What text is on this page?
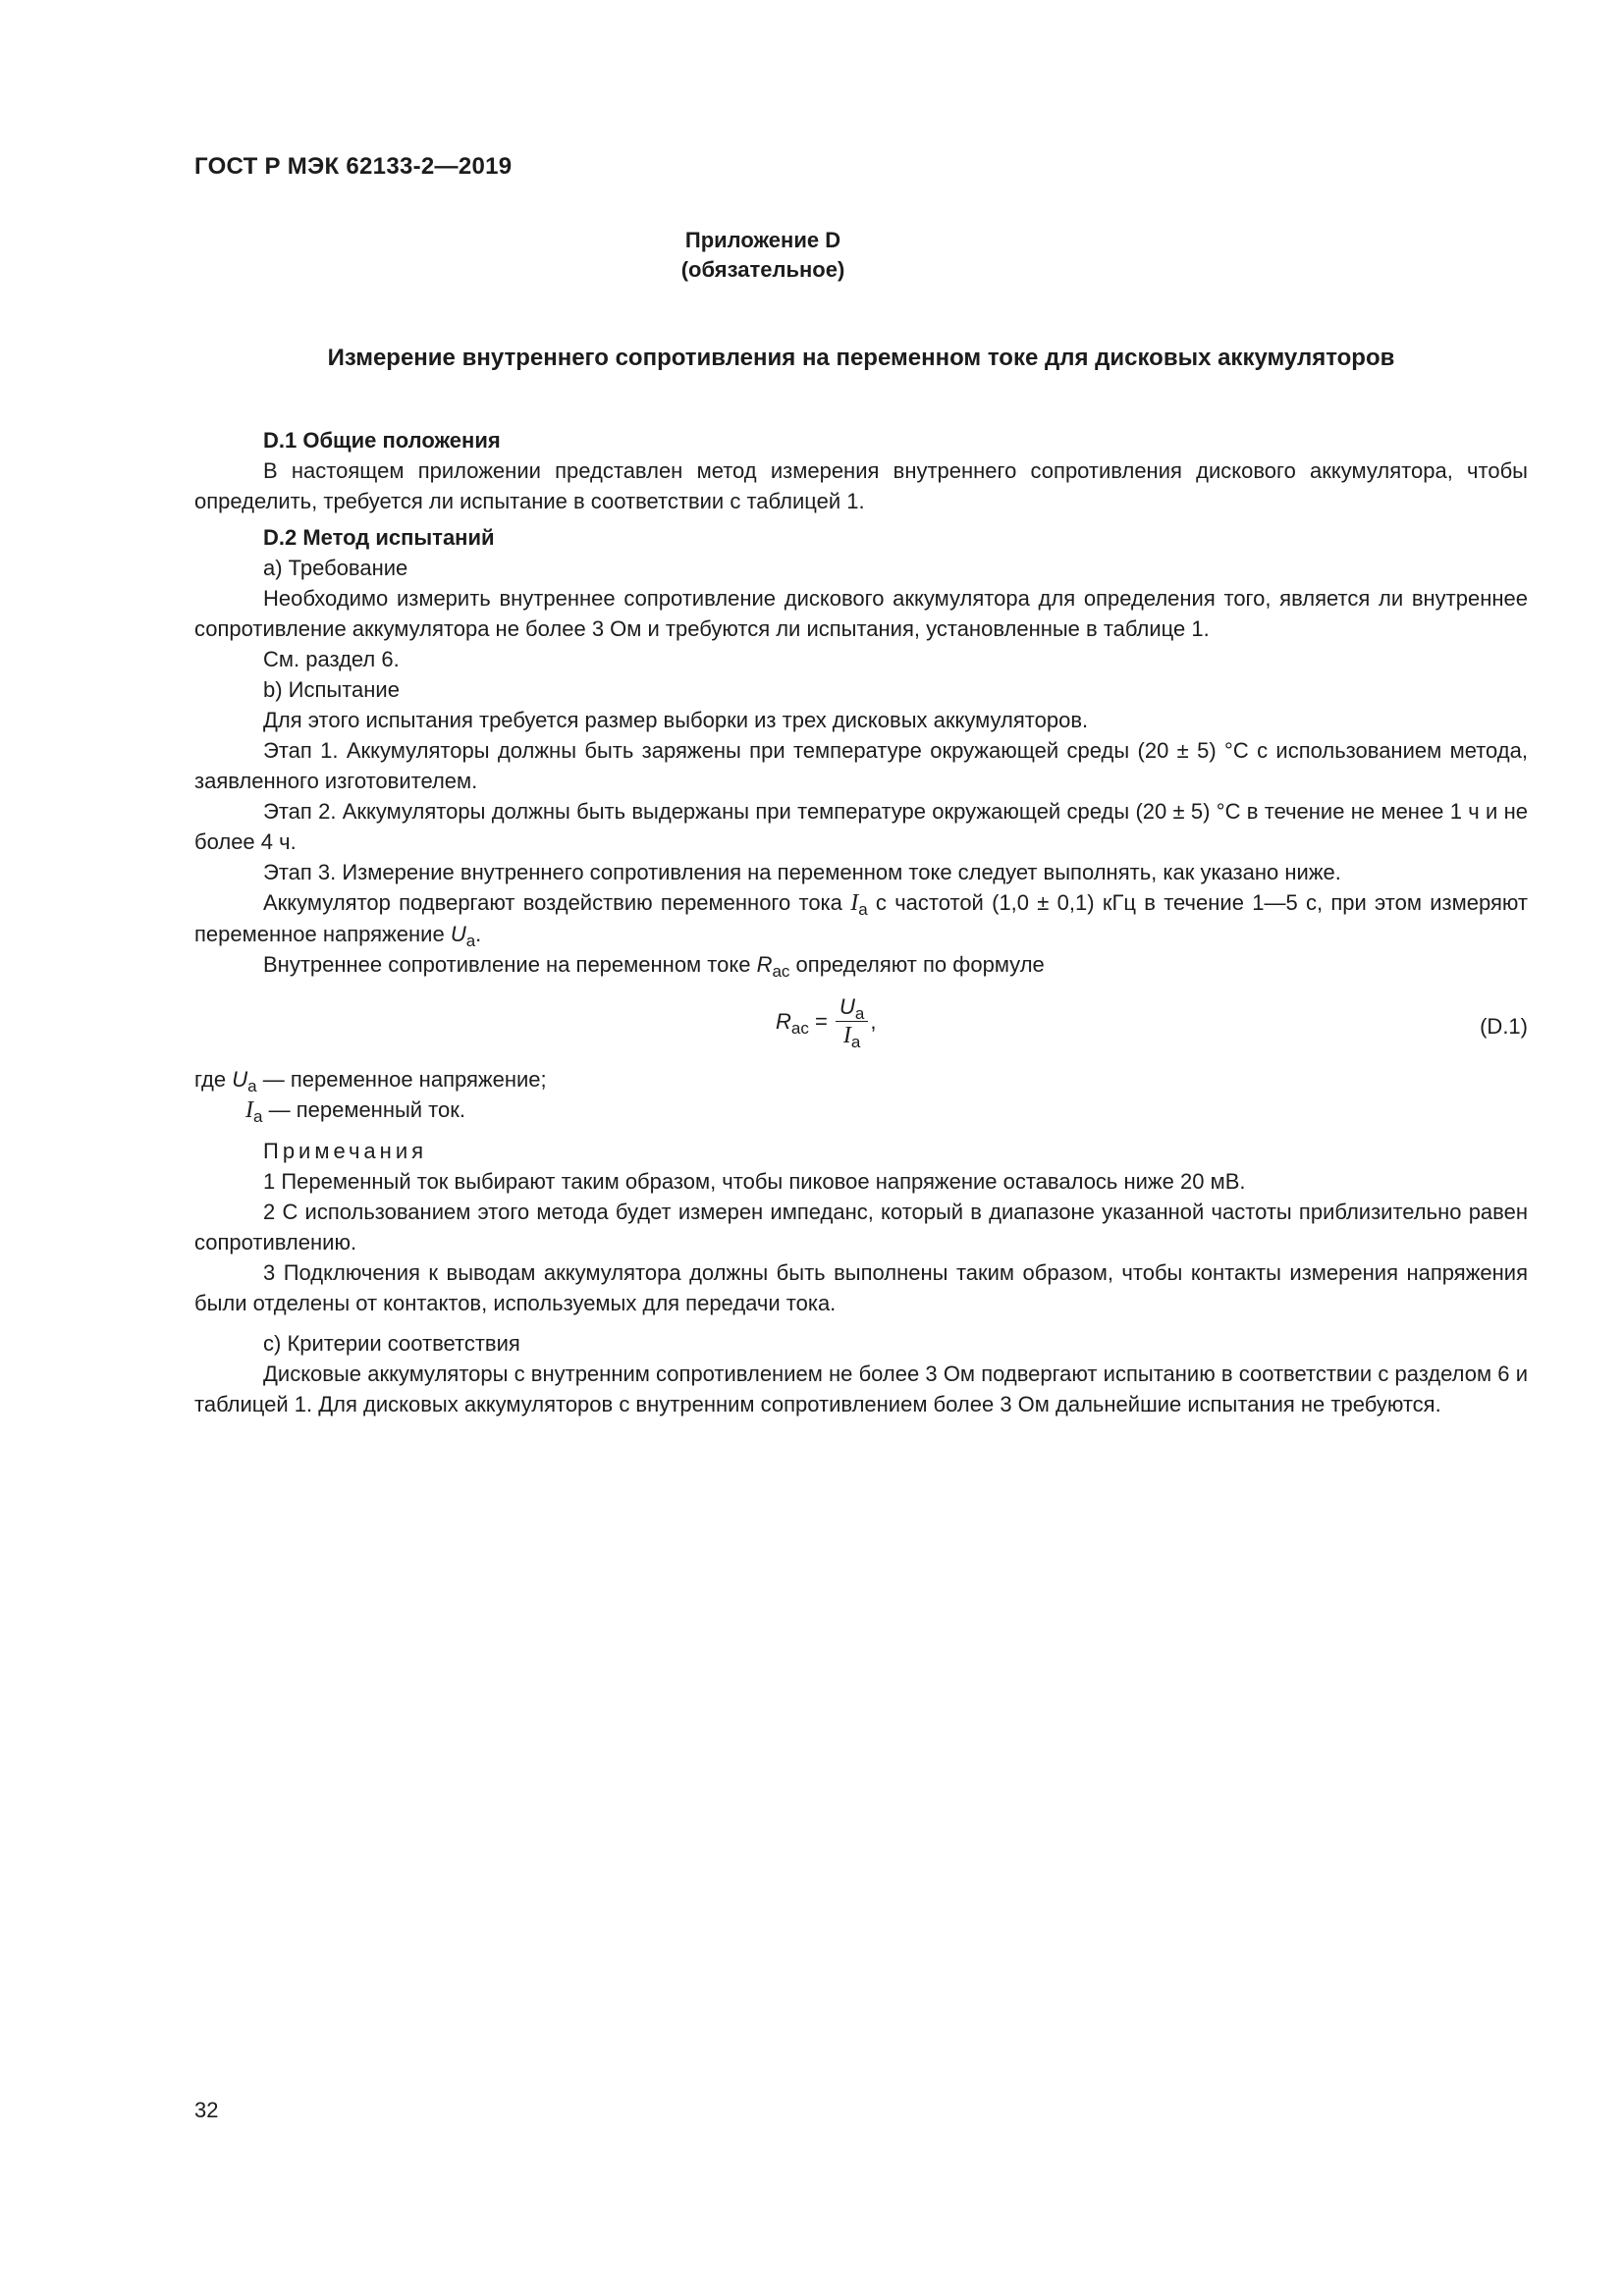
ГОСТ Р МЭК 62133-2—2019
Приложение D
(обязательное)
Измерение внутреннего сопротивления на переменном токе для дисковых аккумуляторов

D.1 Общие положения

В настоящем приложении представлен метод измерения внутреннего сопротивления дискового аккумулятора, чтобы определить, требуется ли испытание в соответствии с таблицей 1.

D.2 Метод испытаний

a) Требование

Необходимо измерить внутреннее сопротивление дискового аккумулятора для определения того, является ли внутреннее сопротивление аккумулятора не более 3 Ом и требуются ли испытания, установленные в таблице 1.

См. раздел 6.

b) Испытание

Для этого испытания требуется размер выборки из трех дисковых аккумуляторов.

Этап 1. Аккумуляторы должны быть заряжены при температуре окружающей среды (20 ± 5) °С с использованием метода, заявленного изготовителем.

Этап 2. Аккумуляторы должны быть выдержаны при температуре окружающей среды (20 ± 5) °С в течение не менее 1 ч и не более 4 ч.

Этап 3. Измерение внутреннего сопротивления на переменном токе следует выполнять, как указано ниже.

Аккумулятор подвергают воздействию переменного тока $I_a$ с частотой (1,0 ± 0,1) кГц в течение 1—5 с, при этом измеряют переменное напряжение $U_a$.

Внутреннее сопротивление на переменном токе $R_{ac}$ определяют по формуле

$R_{ac} = \frac{U_a}{I_a}$ ,	(D.1)

где $U_a$ — переменное напряжение;

$I_a$ — переменный ток.

Примечания

1 Переменный ток выбирают таким образом, чтобы пиковое напряжение оставалось ниже 20 мВ.

2 С использованием этого метода будет измерен импеданс, который в диапазоне указанной частоты приблизительно равен сопротивлению.

3 Подключения к выводам аккумулятора должны быть выполнены таким образом, чтобы контакты измерения напряжения были отделены от контактов, используемых для передачи тока.

c) Критерии соответствия

Дисковые аккумуляторы с внутренним сопротивлением не более 3 Ом подвергают испытанию в соответствии с разделом 6 и таблицей 1. Для дисковых аккумуляторов с внутренним сопротивлением более 3 Ом дальнейшие испытания не требуются.

32
